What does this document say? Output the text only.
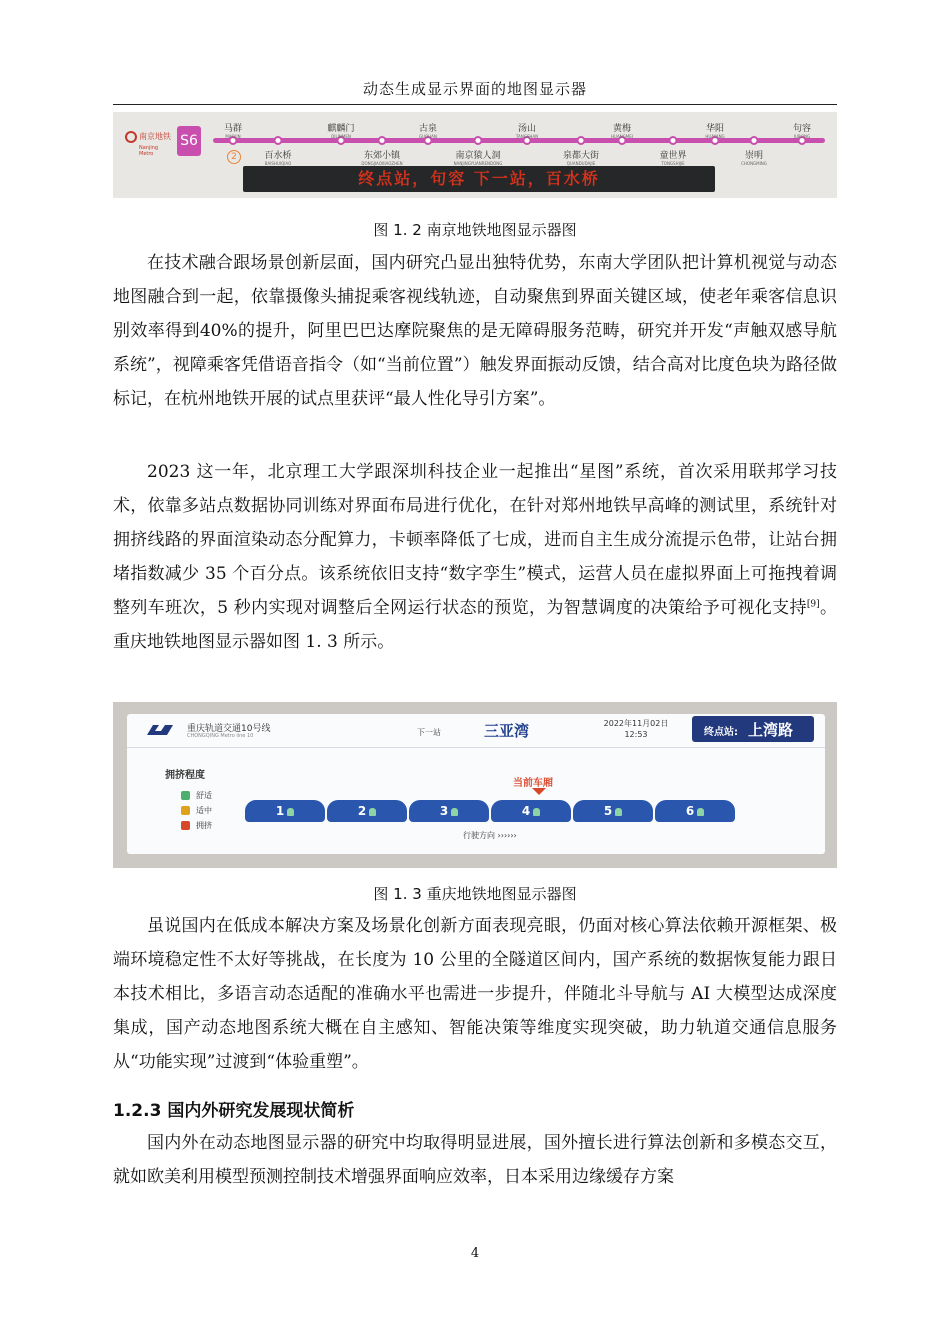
动态生成显示界面的地图显示器
南京地铁
Nanjing Metro
S6
马群
MAQUN
麒麟门
QILINMEN
古泉
GUQUAN
汤山
TANGSHAN
黄梅
HUANGMEI
华阳
HUAYANG
句容
JURONG
百水桥
BAISHUIQIAO
东郊小镇
DONGJIAOXIAOZHEN
南京猿人洞
NANJINGYUANRENDONG
泉都大街
QUANDUDAJIE
童世界
TONGSHIJIE
崇明
CHONGMING
2
终点站，句容 下一站，百水桥
图 1. 2 南京地铁地图显示器图

在技术融合跟场景创新层面，国内研究凸显出独特优势，东南大学团队把计算机视觉与动态地图融合到一起，依靠摄像头捕捉乘客视线轨迹，自动聚焦到界面关键区域，使老年乘客信息识别效率得到40%的提升，阿里巴巴达摩院聚焦的是无障碍服务范畴，研究并开发“声触双感导航系统”，视障乘客凭借语音指令（如“当前位置”）触发界面振动反馈，结合高对比度色块为路径做标记，在杭州地铁开展的试点里获评“最人性化导引方案”。

2023 这一年，北京理工大学跟深圳科技企业一起推出“星图”系统，首次采用联邦学习技术，依靠多站点数据协同训练对界面布局进行优化，在针对郑州地铁早高峰的测试里，系统针对拥挤线路的界面渲染动态分配算力，卡顿率降低了七成，进而自主生成分流提示色带，让站台拥堵指数减少 35 个百分点。该系统依旧支持“数字孪生”模式，运营人员在虚拟界面上可拖拽着调整列车班次，5 秒内实现对调整后全网运行状态的预览，为智慧调度的决策给予可视化支持[9]。重庆地铁地图显示器如图 1. 3 所示。

重庆轨道交通10号线
CHONGQING Metro line 10	下一站	三亚湾	2022年11月02日
12:53	终点站: 上湾路
拥挤程度
舒适
适中
拥挤
当前车厢
1	2	3	4	5	6
行驶方向 ››››››
图 1. 3 重庆地铁地图显示器图

虽说国内在低成本解决方案及场景化创新方面表现亮眼，仍面对核心算法依赖开源框架、极端环境稳定性不太好等挑战，在长度为 10 公里的全隧道区间内，国产系统的数据恢复能力跟日本技术相比，多语言动态适配的准确水平也需进一步提升，伴随北斗导航与 AI 大模型达成深度集成，国产动态地图系统大概在自主感知、智能决策等维度实现突破，助力轨道交通信息服务从“功能实现”过渡到“体验重塑”。

1.2.3 国内外研究发展现状简析

国内外在动态地图显示器的研究中均取得明显进展，国外擅长进行算法创新和多模态交互，就如欧美利用模型预测控制技术增强界面响应效率，日本采用边缘缓存方案

4
